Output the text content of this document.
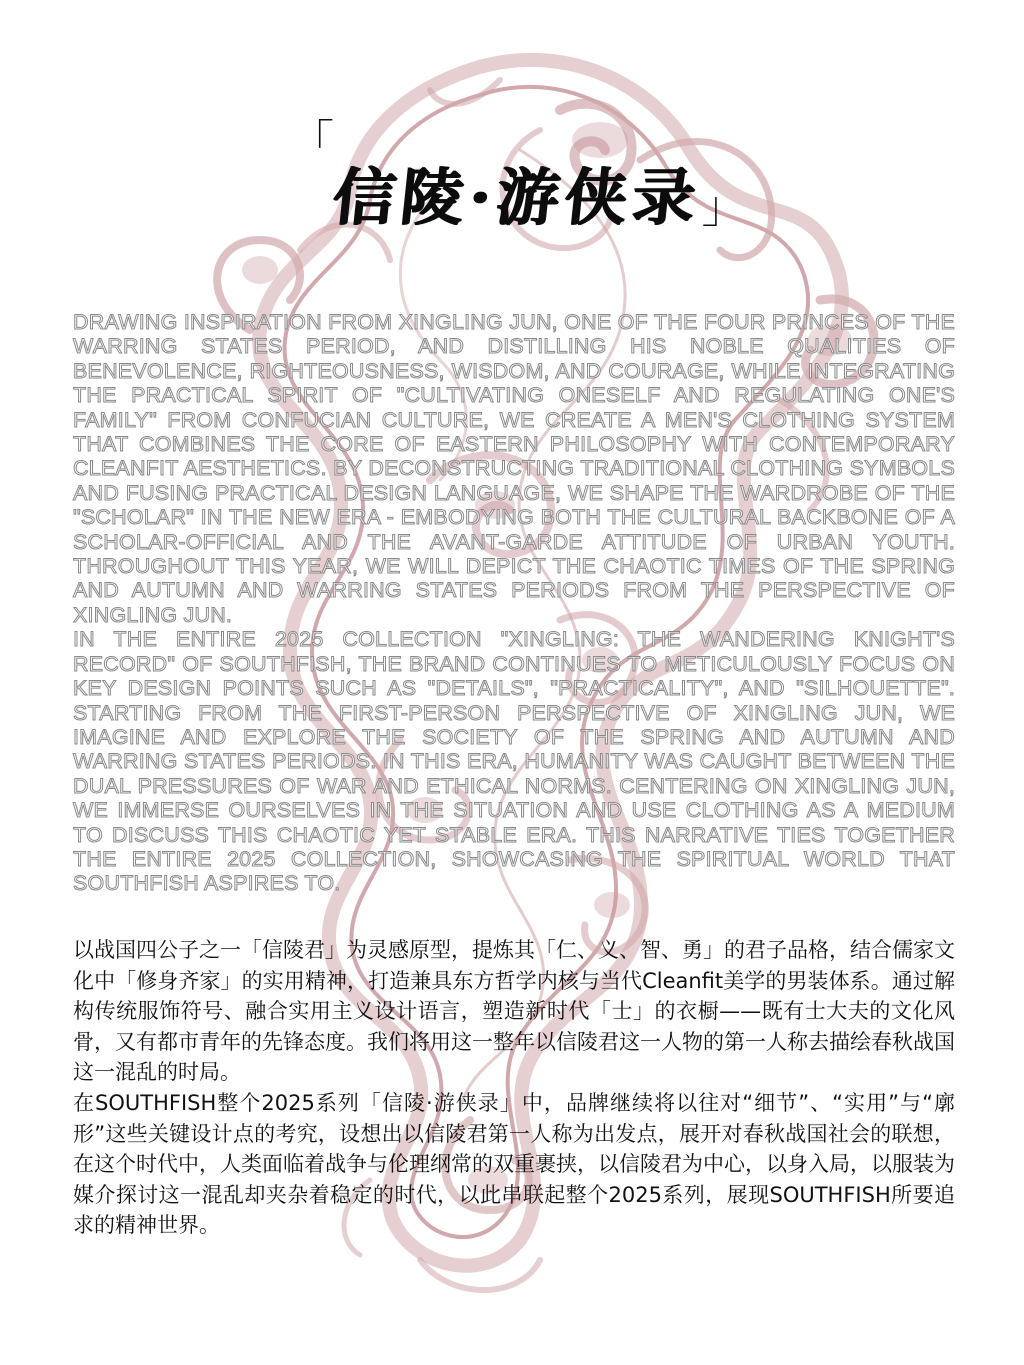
「
信陵·游侠录
」

DRAWING INSPIRATION FROM XINGLING JUN, ONE OF THE FOUR PRINCES OF THE WARRING STATES PERIOD, AND DISTILLING HIS NOBLE QUALITIES OF BENEVOLENCE, RIGHTEOUSNESS, WISDOM, AND COURAGE, WHILE INTEGRATING THE PRACTICAL SPIRIT OF "CULTIVATING ONESELF AND REGULATING ONE'S FAMILY" FROM CONFUCIAN CULTURE, WE CREATE A MEN'S CLOTHING SYSTEM THAT COMBINES THE CORE OF EASTERN PHILOSOPHY WITH CONTEMPORARY CLEANFIT AESTHETICS. BY DECONSTRUCTING TRADITIONAL CLOTHING SYMBOLS AND FUSING PRACTICAL DESIGN LANGUAGE, WE SHAPE THE WARDROBE OF THE "SCHOLAR" IN THE NEW ERA - EMBODYING BOTH THE CULTURAL BACKBONE OF A SCHOLAR-OFFICIAL AND THE AVANT-GARDE ATTITUDE OF URBAN YOUTH. THROUGHOUT THIS YEAR, WE WILL DEPICT THE CHAOTIC TIMES OF THE SPRING AND AUTUMN AND WARRING STATES PERIODS FROM THE PERSPECTIVE OF XINGLING JUN.

IN THE ENTIRE 2025 COLLECTION "XINGLING: THE WANDERING KNIGHT'S RECORD" OF SOUTHFISH, THE BRAND CONTINUES TO METICULOUSLY FOCUS ON KEY DESIGN POINTS SUCH AS "DETAILS", "PRACTICALITY", AND "SILHOUETTE". STARTING FROM THE FIRST-PERSON PERSPECTIVE OF XINGLING JUN, WE IMAGINE AND EXPLORE THE SOCIETY OF THE SPRING AND AUTUMN AND WARRING STATES PERIODS. IN THIS ERA, HUMANITY WAS CAUGHT BETWEEN THE DUAL PRESSURES OF WAR AND ETHICAL NORMS. CENTERING ON XINGLING JUN, WE IMMERSE OURSELVES IN THE SITUATION AND USE CLOTHING AS A MEDIUM TO DISCUSS THIS CHAOTIC YET STABLE ERA. THIS NARRATIVE TIES TOGETHER THE ENTIRE 2025 COLLECTION, SHOWCASING THE SPIRITUAL WORLD THAT SOUTHFISH ASPIRES TO.

以战国四公子之一「信陵君」为灵感原型，提炼其「仁、义、智、勇」的君子品格，结合儒家文化中「修身齐家」的实用精神，打造兼具东方哲学内核与当代Cleanfit美学的男装体系。通过解构传统服饰符号、融合实用主义设计语言，塑造新时代「士」的衣橱——既有士大夫的文化风骨，又有都市青年的先锋态度。我们将用这一整年以信陵君这一人物的第一人称去描绘春秋战国这一混乱的时局。

在SOUTHFISH整个2025系列「信陵·游侠录」中，品牌继续将以往对“细节”、“实用”与“廓形”这些关键设计点的考究，设想出以信陵君第一人称为出发点，展开对春秋战国社会的联想，在这个时代中，人类面临着战争与伦理纲常的双重裹挟，以信陵君为中心，以身入局，以服装为媒介探讨这一混乱却夹杂着稳定的时代，以此串联起整个2025系列，展现SOUTHFISH所要追求的精神世界。
